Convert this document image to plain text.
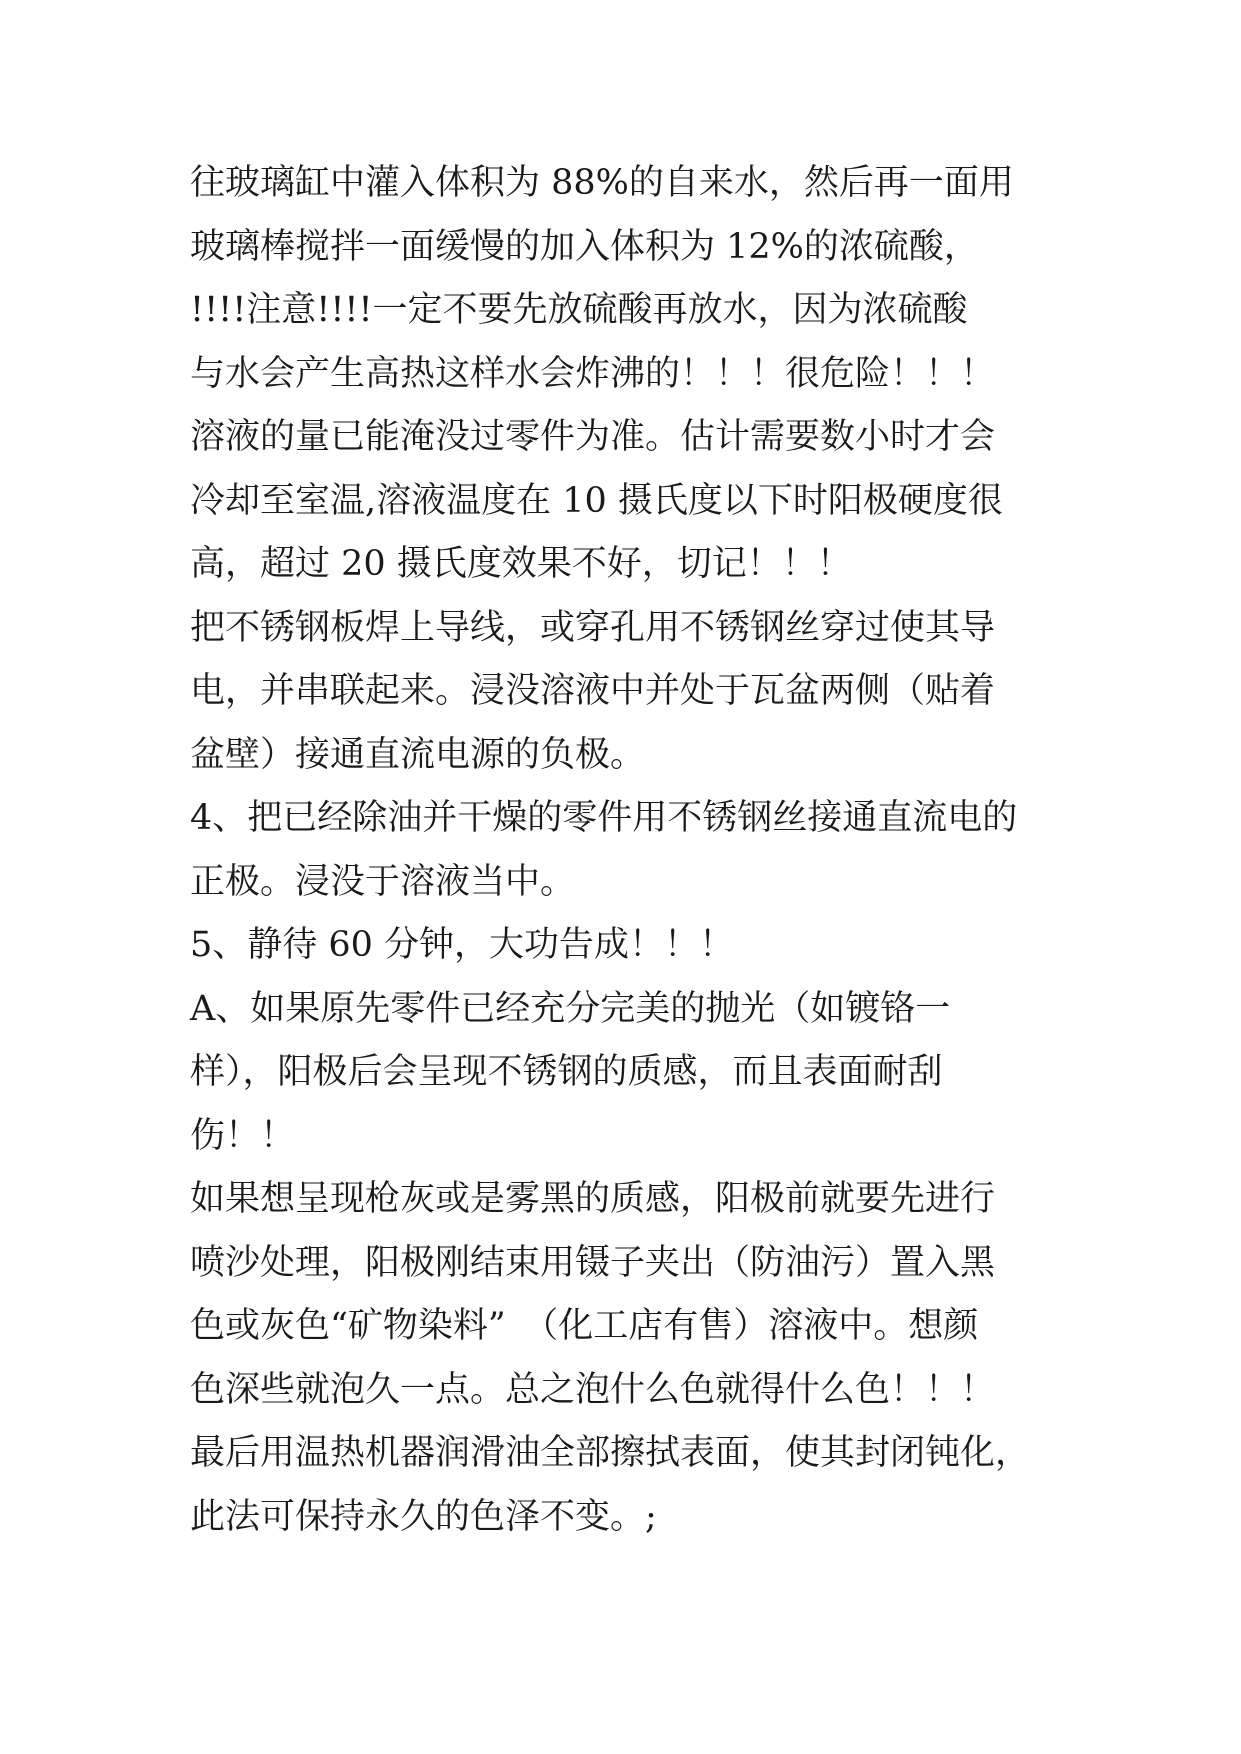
往玻璃缸中灌入体积为 88%的自来水，然后再一面用
玻璃棒搅拌一面缓慢的加入体积为 12%的浓硫酸，
!!!!注意!!!!一定不要先放硫酸再放水，因为浓硫酸
与水会产生高热这样水会炸沸的！！！很危险！！！
溶液的量已能淹没过零件为准。估计需要数小时才会
冷却至室温,溶液温度在 10 摄氏度以下时阳极硬度很
高，超过 20 摄氏度效果不好，切记！！！
把不锈钢板焊上导线，或穿孔用不锈钢丝穿过使其导
电，并串联起来。浸没溶液中并处于瓦盆两侧（贴着
盆壁）接通直流电源的负极。
4、把已经除油并干燥的零件用不锈钢丝接通直流电的
正极。浸没于溶液当中。
5、静待 60 分钟，大功告成！！！
A、如果原先零件已经充分完美的抛光（如镀铬一
样），阳极后会呈现不锈钢的质感，而且表面耐刮
伤！！
如果想呈现枪灰或是雾黑的质感，阳极前就要先进行
喷沙处理，阳极刚结束用镊子夹出（防油污）置入黑
色或灰色“矿物染料”　（化工店有售）溶液中。想颜
色深些就泡久一点。总之泡什么色就得什么色！！！
最后用温热机器润滑油全部擦拭表面，使其封闭钝化，
此法可保持永久的色泽不变。;
